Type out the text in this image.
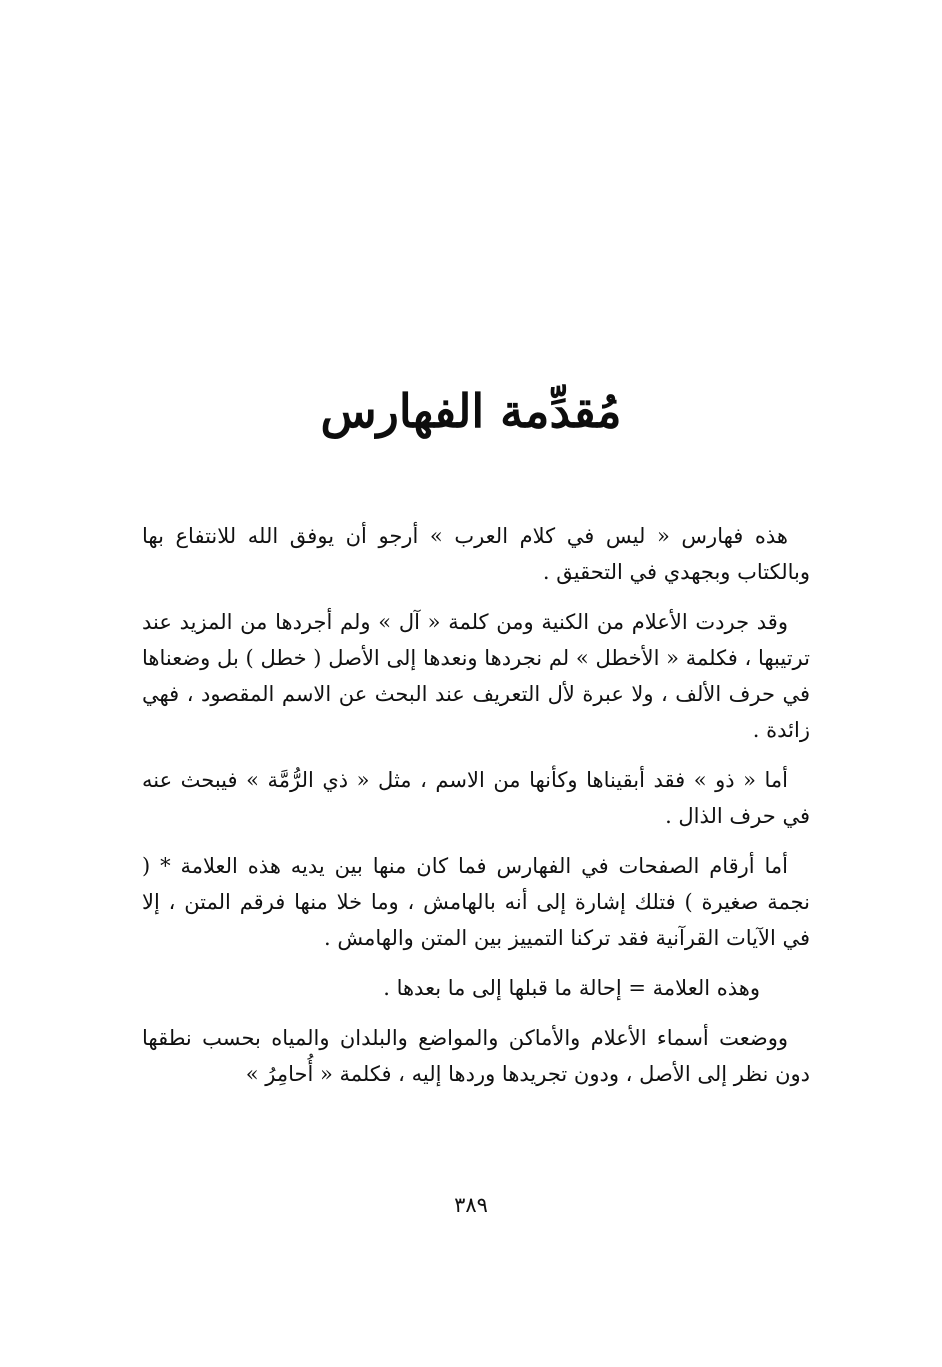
مُقدِّمة الفهارس

هذه فهارس « ليس في كلام العرب » أرجو أن يوفق الله للانتفاع بها وبالكتاب وبجهدي في التحقيق .

وقد جردت الأعلام من الكنية ومن كلمة « آل » ولم أجردها من المزيد عند ترتيبها ، فكلمة « الأخطل » لم نجردها ونعدها إلى الأصل ( خطل ) بل وضعناها في حرف الألف ، ولا عبرة لأل التعريف عند البحث عن الاسم المقصود ، فهي زائدة .

أما « ذو » فقد أبقيناها وكأنها من الاسم ، مثل « ذي الرُّمَّة » فيبحث عنه في حرف الذال .

أما أرقام الصفحات في الفهارس فما كان منها بين يديه هذه العلامة * ( نجمة صغيرة ) فتلك إشارة إلى أنه بالهامش ، وما خلا منها فرقم المتن ، إلا في الآيات القرآنية فقد تركنا التمييز بين المتن والهامش .

وهذه العلامة = إحالة ما قبلها إلى ما بعدها .

ووضعت أسماء الأعلام والأماكن والمواضع والبلدان والمياه بحسب نطقها دون نظر إلى الأصل ، ودون تجريدها وردها إليه ، فكلمة « أُحامِرُ »

٣٨٩
